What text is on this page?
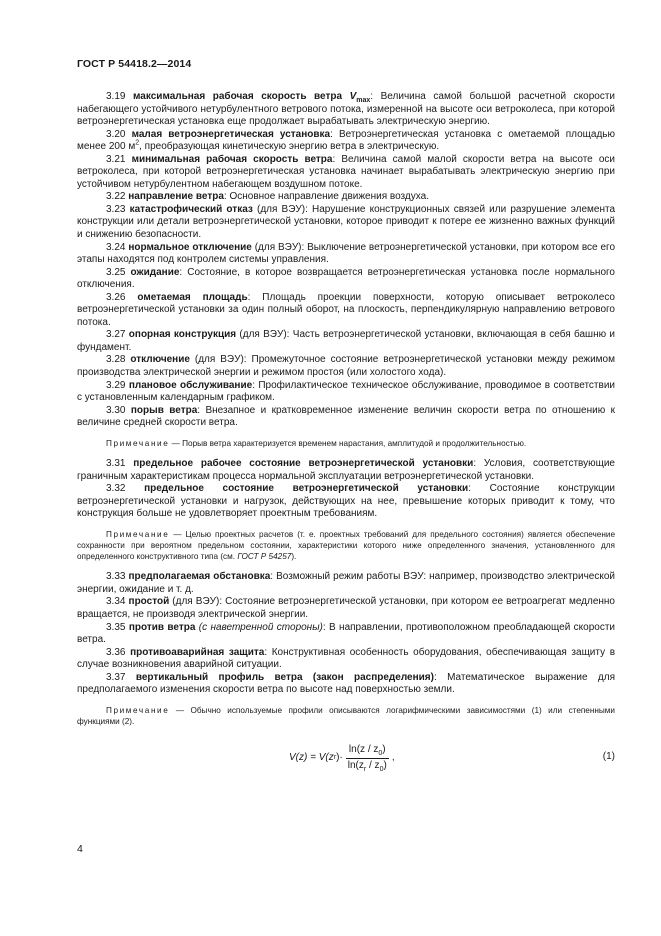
ГОСТ Р 54418.2—2014

3.19 максимальная рабочая скорость ветра $V_{max}$: Величина самой большой расчетной скорости набегающего устойчивого нетурбулентного ветрового потока, измеренной на высоте оси ветроколеса, при которой ветроэнергетическая установка еще продолжает вырабатывать электрическую энергию.

3.20 малая ветроэнергетическая установка: Ветроэнергетическая установка с ометаемой площадью менее 200 $м^2$, преобразующая кинетическую энергию ветра в электрическую.

3.21 минимальная рабочая скорость ветра: Величина самой малой скорости ветра на высоте оси ветроколеса, при которой ветроэнергетическая установка начинает вырабатывать электрическую энергию при устойчивом нетурбулентном набегающем воздушном потоке.

3.22 направление ветра: Основное направление движения воздуха.

3.23 катастрофический отказ (для ВЭУ): Нарушение конструкционных связей или разрушение элемента конструкции или детали ветроэнергетической установки, которое приводит к потере ее жизненно важных функций и снижению безопасности.

3.24 нормальное отключение (для ВЭУ): Выключение ветроэнергетической установки, при котором все его этапы находятся под контролем системы управления.

3.25 ожидание: Состояние, в которое возвращается ветроэнергетическая установка после нормального отключения.

3.26 ометаемая площадь: Площадь проекции поверхности, которую описывает ветроколесо ветроэнергетической установки за один полный оборот, на плоскость, перпендикулярную направлению ветрового потока.

3.27 опорная конструкция (для ВЭУ): Часть ветроэнергетической установки, включающая в себя башню и фундамент.

3.28 отключение (для ВЭУ): Промежуточное состояние ветроэнергетической установки между режимом производства электрической энергии и режимом простоя (или холостого хода).

3.29 плановое обслуживание: Профилактическое техническое обслуживание, проводимое в соответствии с установленным календарным графиком.

3.30 порыв ветра: Внезапное и кратковременное изменение величин скорости ветра по отношению к величине средней скорости ветра.

Примечание — Порыв ветра характеризуется временем нарастания, амплитудой и продолжительностью.

3.31 предельное рабочее состояние ветроэнергетической установки: Условия, соответствующие граничным характеристикам процесса нормальной эксплуатации ветроэнергетической установки.

3.32 предельное состояние ветроэнергетической установки: Состояние конструкции ветроэнергетической установки и нагрузок, действующих на нее, превышение которых приводит к тому, что конструкция больше не удовлетворяет проектным требованиям.

Примечание — Целью проектных расчетов (т. е. проектных требований для предельного состояния) является обеспечение сохранности при вероятном предельном состоянии, характеристики которого ниже определенного значения, установленного для определенного конструктивного типа (см. ГОСТ Р 54257).

3.33 предполагаемая обстановка: Возможный режим работы ВЭУ: например, производство электрической энергии, ожидание и т. д.

3.34 простой (для ВЭУ): Состояние ветроэнергетической установки, при котором ее ветроагрегат медленно вращается, не производя электрической энергии.

3.35 против ветра (с наветренной стороны): В направлении, противоположном преобладающей скорости ветра.

3.36 противоаварийная защита: Конструктивная особенность оборудования, обеспечивающая защиту в случае возникновения аварийной ситуации.

3.37 вертикальный профиль ветра (закон распределения): Математическое выражение для предполагаемого изменения скорости ветра по высоте над поверхностью земли.

Примечание — Обычно используемые профили описываются логарифмическими зависимостями (1) или степенными функциями (2).

V(z) = V(z r )· $\frac{\ln(z / z_0)}{\ln(z_r / z_0)}$ ,	(1)
4
